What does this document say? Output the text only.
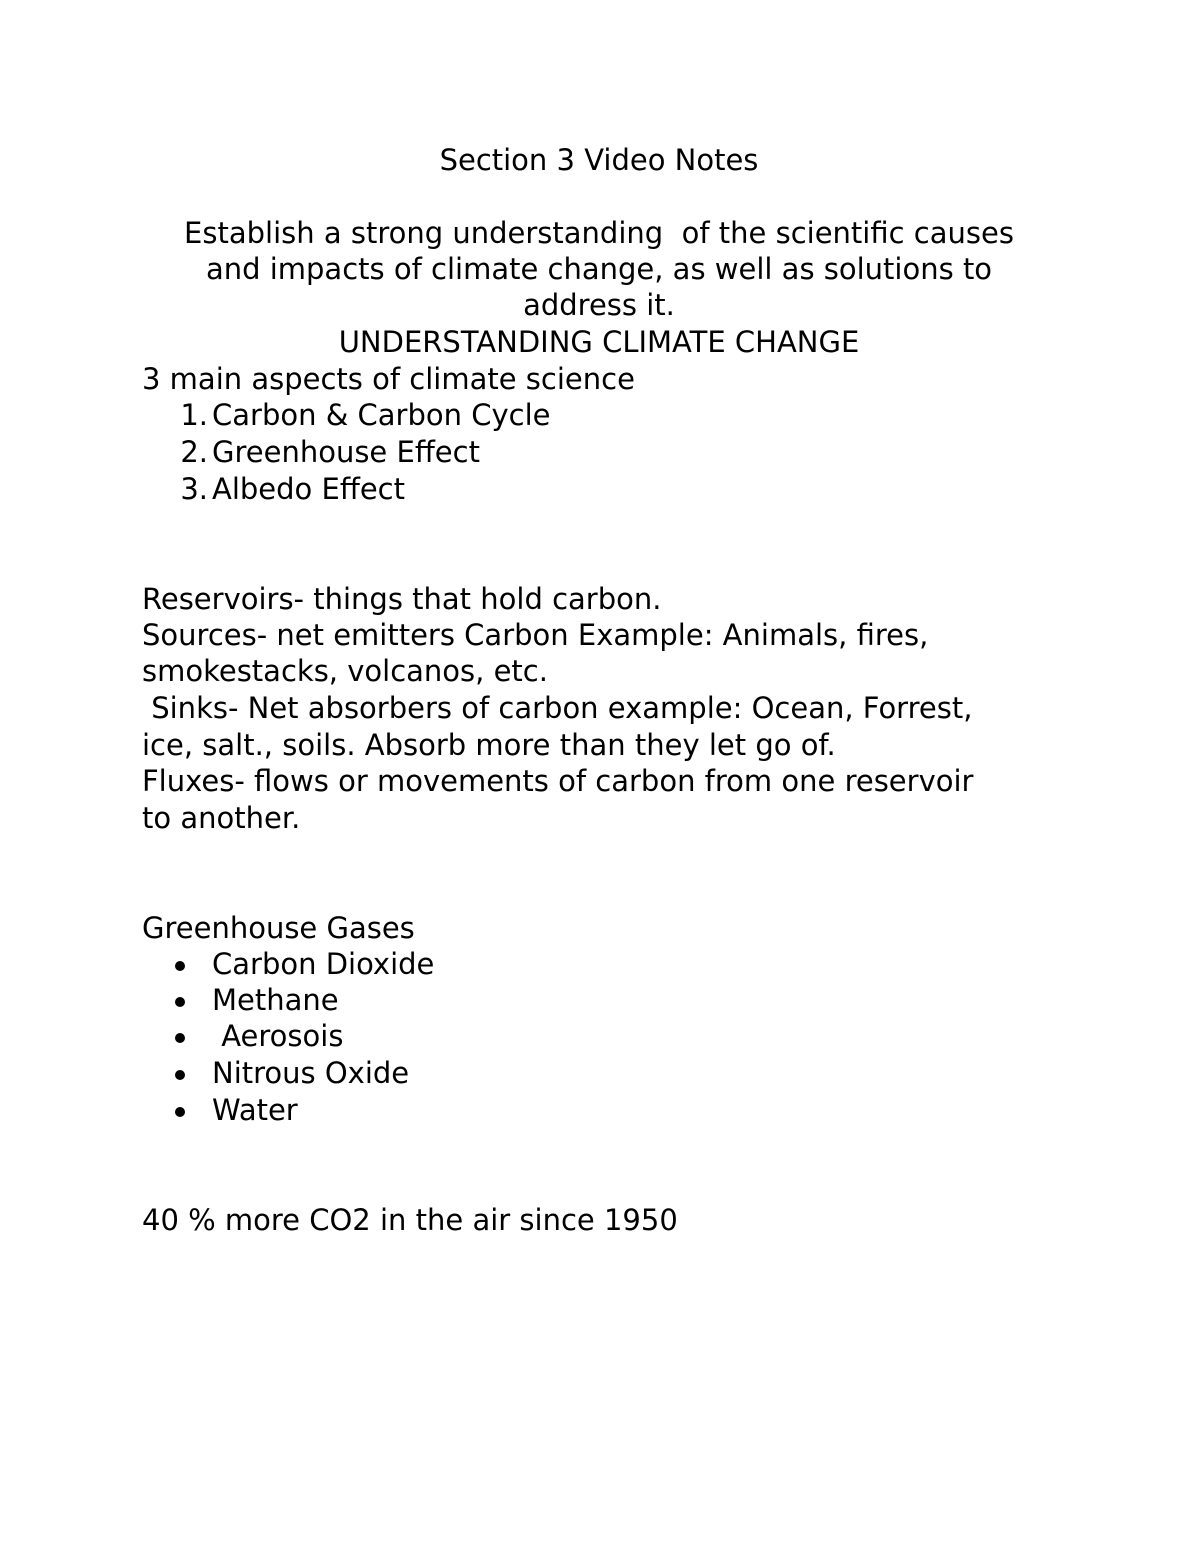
Section 3 Video Notes

Establish a strong understanding  of the scientific causes

and impacts of climate change, as well as solutions to

address it.

UNDERSTANDING CLIMATE CHANGE

3 main aspects of climate science

1. Carbon & Carbon Cycle
2. Greenhouse Effect
3. Albedo Effect

Reservoirs- things that hold carbon.

Sources- net emitters Carbon Example: Animals, fires,

smokestacks, volcanos, etc.

Sinks- Net absorbers of carbon example: Ocean, Forrest,

ice, salt., soils. Absorb more than they let go of.

Fluxes- flows or movements of carbon from one reservoir

to another.

Greenhouse Gases

Carbon Dioxide
Methane
Aerosois
Nitrous Oxide
Water

40 % more CO2 in the air since 1950
